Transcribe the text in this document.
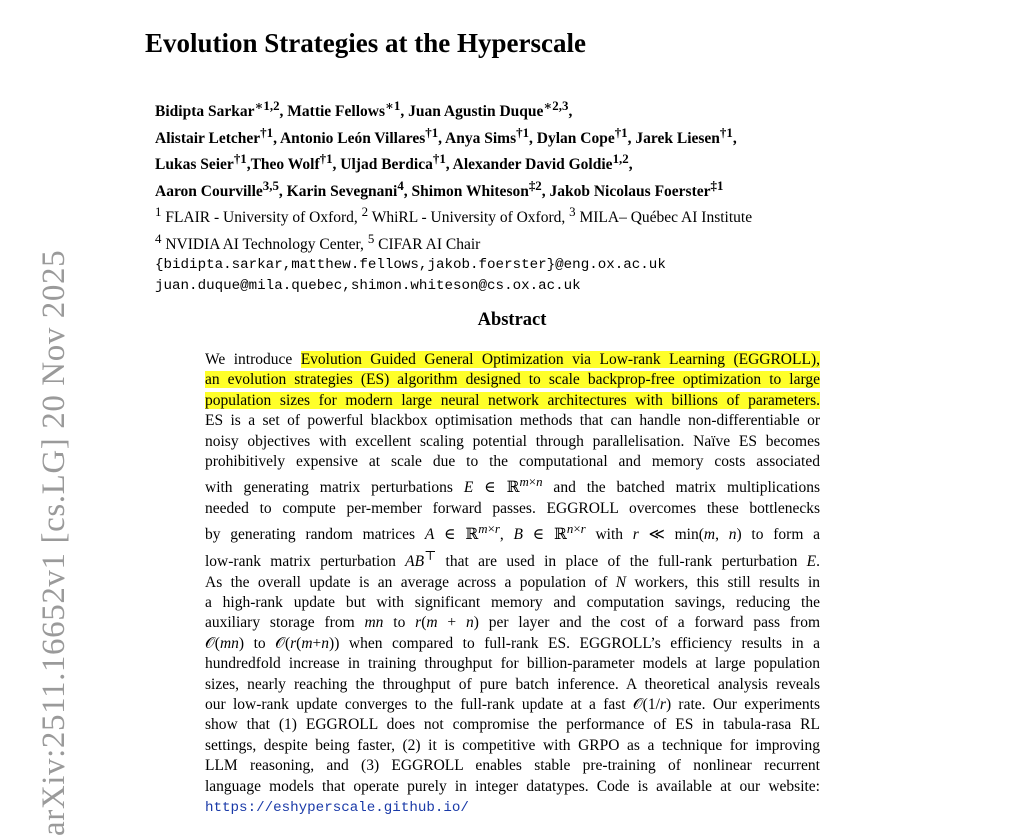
arXiv:2511.16652v1 [cs.LG] 20 Nov 2025
Evolution Strategies at the Hyperscale
Bidipta Sarkar$^{∗1,2}$, Mattie Fellows$^{∗1}$, Juan Agustin Duque$^{∗2,3}$,
Alistair Letcher$^{\dagger 1}$, Antonio León Villares$^{\dagger 1}$, Anya Sims$^{\dagger 1}$, Dylan Cope$^{\dagger 1}$, Jarek Liesen$^{\dagger 1}$,
Lukas Seier$^{\dagger 1}$,Theo Wolf$^{\dagger 1}$, Uljad Berdica$^{\dagger 1}$, Alexander David Goldie$^{1,2}$,
Aaron Courville$^{3,5}$, Karin Sevegnani$^4$, Shimon Whiteson$^{\ddagger 2}$, Jakob Nicolaus Foerster$^{\ddagger 1}$
$^1$ FLAIR - University of Oxford, $^2$ WhiRL - University of Oxford, $^3$ MILA– Québec AI Institute
$^4$ NVIDIA AI Technology Center, $^5$ CIFAR AI Chair
{bidipta.sarkar,matthew.fellows,jakob.foerster}@eng.ox.ac.uk
juan.duque@mila.quebec,shimon.whiteson@cs.ox.ac.uk
Abstract
We introduce Evolution Guided General Optimization via Low-rank Learning (EGGROLL),
an evolution strategies (ES) algorithm designed to scale backprop-free optimization to large
population sizes for modern large neural network architectures with billions of parameters.
ES is a set of powerful blackbox optimisation methods that can handle non-differentiable or
noisy objectives with excellent scaling potential through parallelisation. Naïve ES becomes
prohibitively expensive at scale due to the computational and memory costs associated
with generating matrix perturbations E ∈ ℝ$^{m\times n}$ and the batched matrix multiplications
needed to compute per-member forward passes. EGGROLL overcomes these bottlenecks
by generating random matrices A ∈ ℝ$^{m\times r}$, B ∈ ℝ$^{n\times r}$ with r ≪ min(m, n) to form a
low-rank matrix perturbation AB⊤ that are used in place of the full-rank perturbation E.
As the overall update is an average across a population of N workers, this still results in
a high-rank update but with significant memory and computation savings, reducing the
auxiliary storage from mn to r(m + n) per layer and the cost of a forward pass from
𝒪(mn) to 𝒪(r(m+n)) when compared to full-rank ES. EGGROLL’s efficiency results in a
hundredfold increase in training throughput for billion-parameter models at large population
sizes, nearly reaching the throughput of pure batch inference. A theoretical analysis reveals
our low-rank update converges to the full-rank update at a fast 𝒪(1/r) rate. Our experiments
show that (1) EGGROLL does not compromise the performance of ES in tabula-rasa RL
settings, despite being faster, (2) it is competitive with GRPO as a technique for improving
LLM reasoning, and (3) EGGROLL enables stable pre-training of nonlinear recurrent
language models that operate purely in integer datatypes. Code is available at our website:
https://eshyperscale.github.io/
